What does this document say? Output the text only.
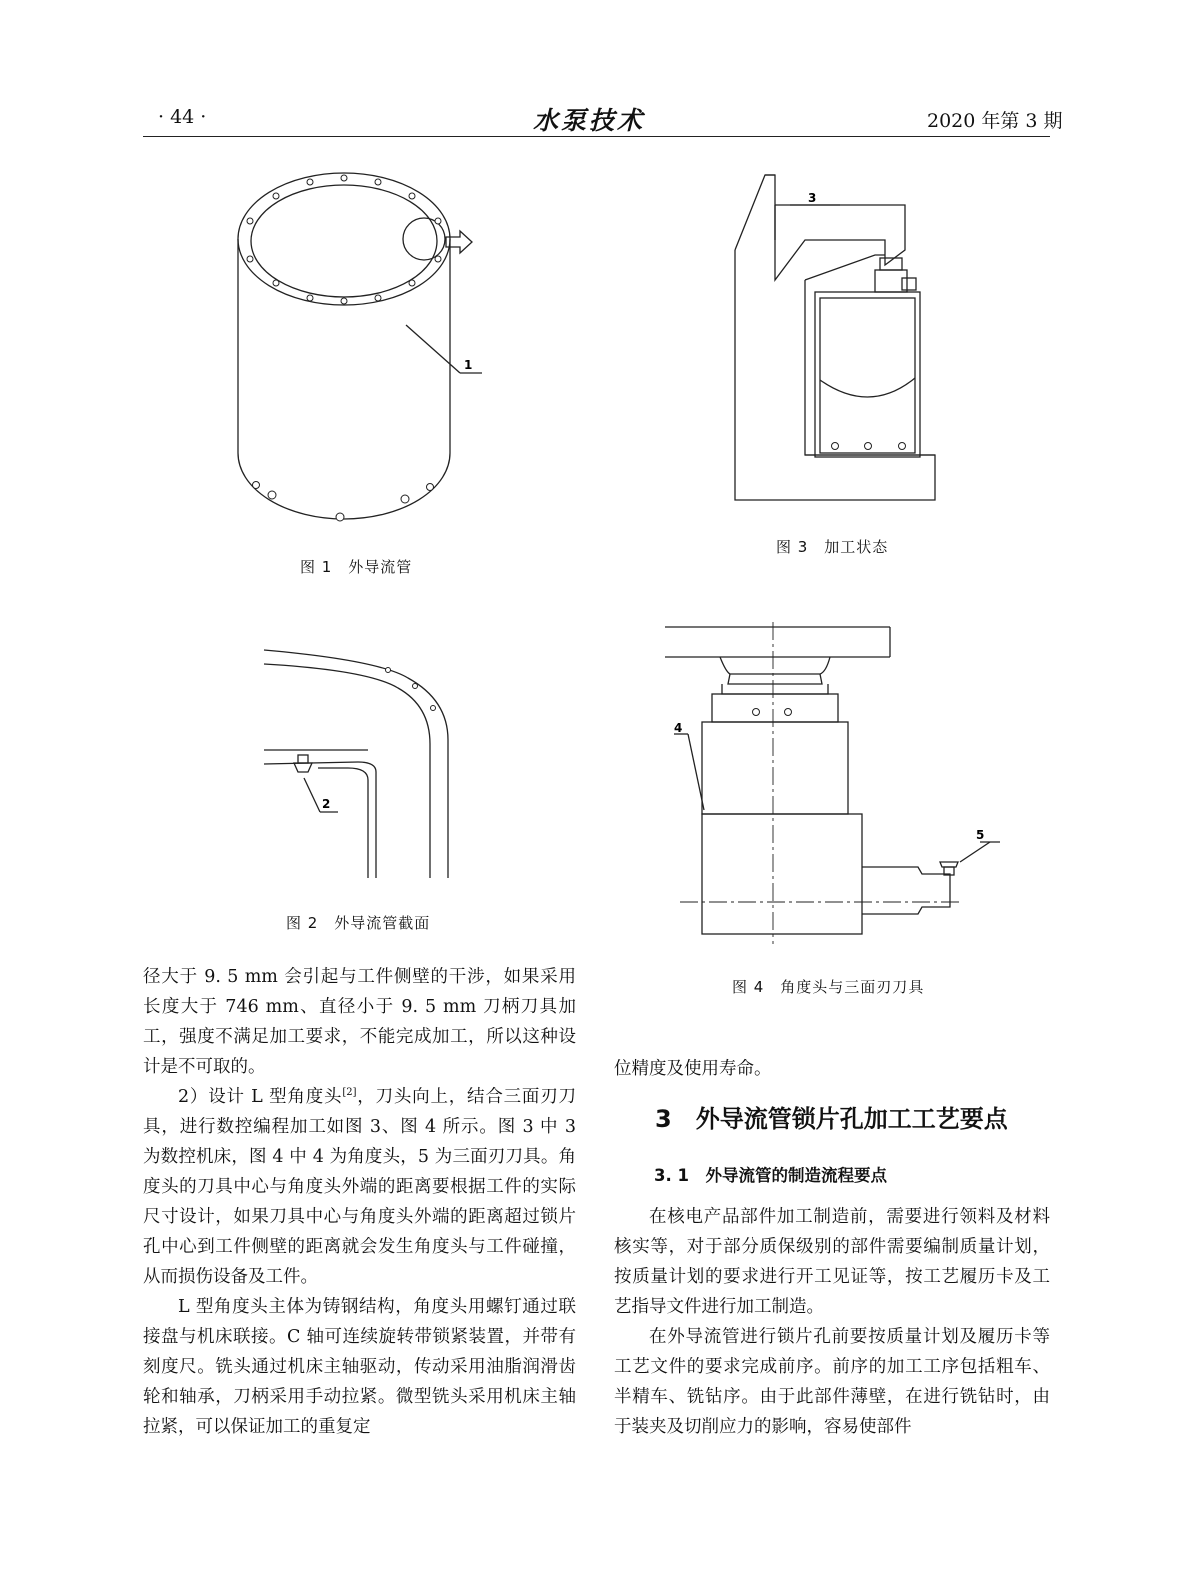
· 44 ·	水泵技术	2020 年第 3 期
1
图 1　外导流管
3
图 3　加工状态
2
图 2　外导流管截面
4
5
图 4　角度头与三面刃刀具

径大于 9. 5 mm 会引起与工件侧壁的干涉，如果采用长度大于 746 mm、直径小于 9. 5 mm 刀柄刀具加工，强度不满足加工要求，不能完成加工，所以这种设计是不可取的。

2）设计 L 型角度头[2]，刀头向上，结合三面刃刀具，进行数控编程加工如图 3、图 4 所示。图 3 中 3 为数控机床，图 4 中 4 为角度头，5 为三面刃刀具。角度头的刀具中心与角度头外端的距离要根据工件的实际尺寸设计，如果刀具中心与角度头外端的距离超过锁片孔中心到工件侧壁的距离就会发生角度头与工件碰撞，从而损伤设备及工件。

L 型角度头主体为铸钢结构，角度头用螺钉通过联接盘与机床联接。C 轴可连续旋转带锁紧装置，并带有刻度尺。铣头通过机床主轴驱动，传动采用油脂润滑齿轮和轴承，刀柄采用手动拉紧。微型铣头采用机床主轴拉紧，可以保证加工的重复定

位精度及使用寿命。

3　外导流管锁片孔加工工艺要点
3. 1　外导流管的制造流程要点

在核电产品部件加工制造前，需要进行领料及材料核实等，对于部分质保级别的部件需要编制质量计划，按质量计划的要求进行开工见证等，按工艺履历卡及工艺指导文件进行加工制造。

在外导流管进行锁片孔前要按质量计划及履历卡等工艺文件的要求完成前序。前序的加工工序包括粗车、半精车、铣钻序。由于此部件薄壁，在进行铣钻时，由于装夹及切削应力的影响，容易使部件
